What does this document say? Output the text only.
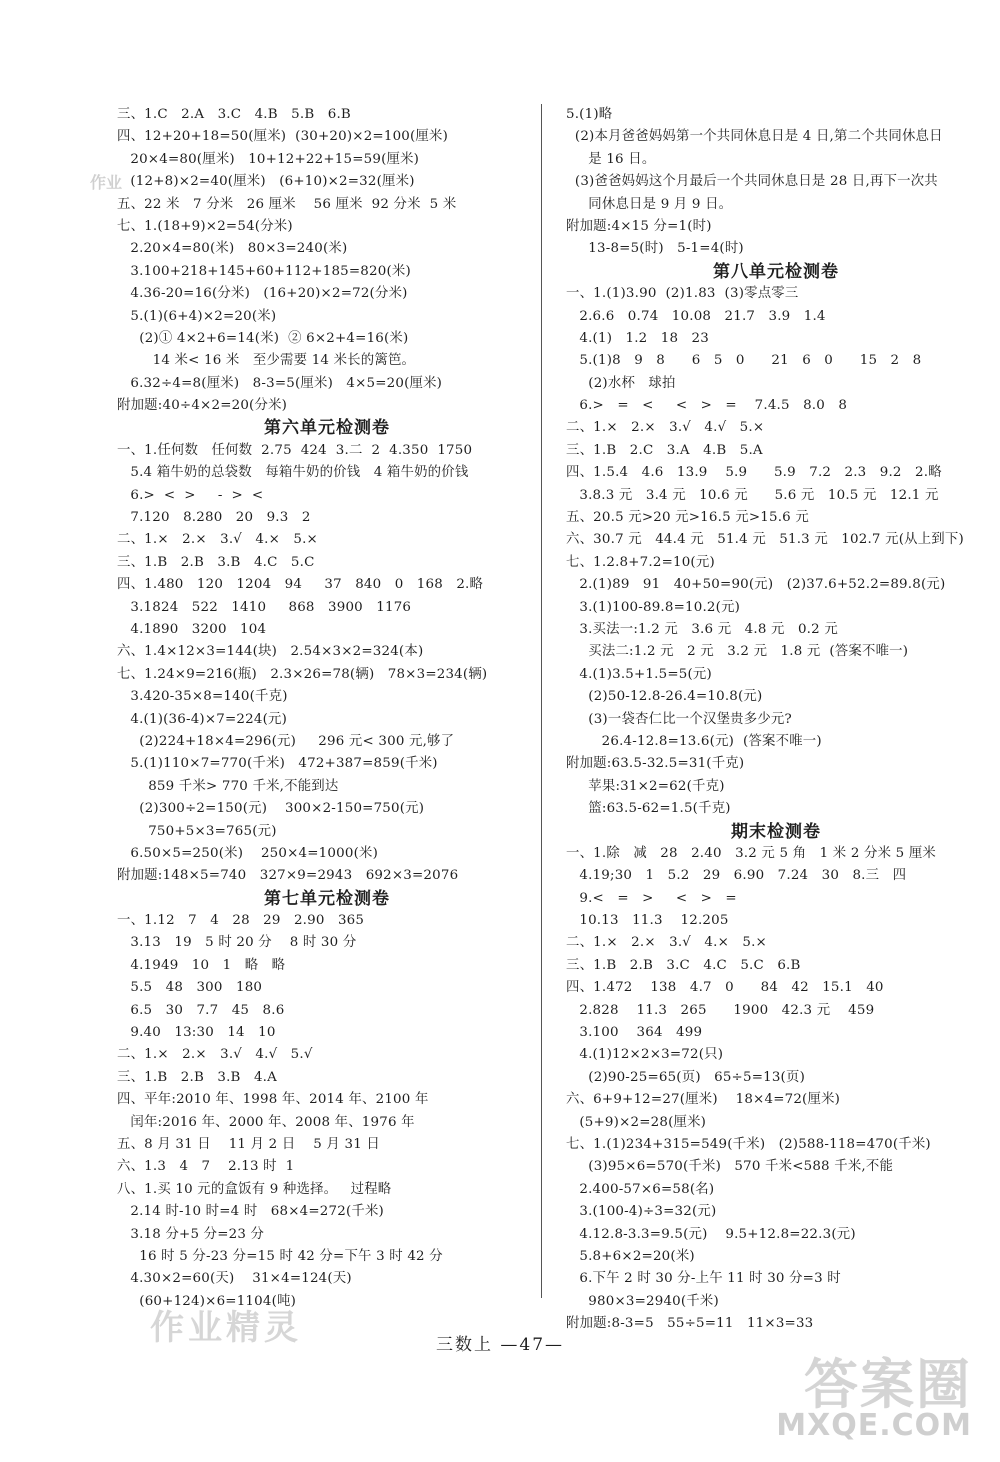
三、1.C   2.A   3.C   4.B   5.B   6.B
四、12+20+18=50(厘米)  (30+20)×2=100(厘米)
20×4=80(厘米)   10+12+22+15=59(厘米)
(12+8)×2=40(厘米)   (6+10)×2=32(厘米)
五、22 米   7 分米   26 厘米    56 厘米  92 分米  5 米
七、1.(18+9)×2=54(分米)
2.20×4=80(米)   80×3=240(米)
3.100+218+145+60+112+185=820(米)
4.36-20=16(分米)   (16+20)×2=72(分米)
5.(1)(6+4)×2=20(米)
(2)① 4×2+6=14(米)  ② 6×2+4=16(米)
14 米< 16 米   至少需要 14 米长的篱笆。
6.32÷4=8(厘米)   8-3=5(厘米)   4×5=20(厘米)
附加题:40÷4×2=20(分米)
第六单元检测卷
一、1.任何数   任何数  2.75  424  3.二  2  4.350  1750
5.4 箱牛奶的总袋数   每箱牛奶的价钱   4 箱牛奶的价钱
6.>  <  >     -  >  <
7.120   8.280   20   9.3   2
二、1.×   2.×   3.√   4.×   5.×
三、1.B   2.B   3.B   4.C   5.C
四、1.480   120   1204   94     37   840   0   168   2.略
3.1824   522   1410     868   3900   1176
4.1890   3200   104
六、1.4×12×3=144(块)   2.54×3×2=324(本)
七、1.24×9=216(瓶)   2.3×26=78(辆)   78×3=234(辆)
3.420-35×8=140(千克)
4.(1)(36-4)×7=224(元)
(2)224+18×4=296(元)     296 元< 300 元,够了
5.(1)110×7=770(千米)   472+387=859(千米)
859 千米> 770 千米,不能到达
(2)300÷2=150(元)    300×2-150=750(元)
750+5×3=765(元)
6.50×5=250(米)    250×4=1000(米)
附加题:148×5=740   327×9=2943   692×3=2076
第七单元检测卷
一、1.12   7   4   28   29   2.90   365
3.13   19   5 时 20 分    8 时 30 分
4.1949   10   1   略   略
5.5   48   300   180
6.5   30   7.7   45   8.6
9.40   13:30   14   10
二、1.×   2.×   3.√   4.√   5.√
三、1.B   2.B   3.B   4.A
四、平年:2010 年、1998 年、2014 年、2100 年
闰年:2016 年、2000 年、2008 年、1976 年
五、8 月 31 日    11 月 2 日    5 月 31 日
六、1.3   4   7    2.13 时  1
八、1.买 10 元的盒饭有 9 种选择。   过程略
2.14 时-10 时=4 时   68×4=272(千米)
3.18 分+5 分=23 分
16 时 5 分-23 分=15 时 42 分=下午 3 时 42 分
4.30×2=60(天)    31×4=124(天)
(60+124)×6=1104(吨)
5.(1)略
(2)本月爸爸妈妈第一个共同休息日是 4 日,第二个共同休息日
是 16 日。
(3)爸爸妈妈这个月最后一个共同休息日是 28 日,再下一次共
同休息日是 9 月 9 日。
附加题:4×15 分=1(时)
13-8=5(时)   5-1=4(时)
第八单元检测卷
一、1.(1)3.90  (2)1.83  (3)零点零三
2.6.6   0.74   10.08   21.7   3.9   1.4
4.(1)   1.2   18   23
5.(1)8   9   8      6   5   0      21   6   0      15   2   8
(2)水杯   球拍
6.>   =   <     <   >   =    7.4.5   8.0   8
二、1.×   2.×   3.√   4.√   5.×
三、1.B   2.C   3.A   4.B   5.A
四、1.5.4   4.6   13.9    5.9      5.9   7.2   2.3   9.2   2.略
3.8.3 元   3.4 元   10.6 元      5.6 元   10.5 元   12.1 元
五、20.5 元>20 元>16.5 元>15.6 元
六、30.7 元   44.4 元   51.4 元   51.3 元   102.7 元(从上到下)
七、1.2.8+7.2=10(元)
2.(1)89   91   40+50=90(元)   (2)37.6+52.2=89.8(元)
3.(1)100-89.8=10.2(元)
3.买法一:1.2 元   3.6 元   4.8 元   0.2 元
买法二:1.2 元   2 元   3.2 元   1.8 元  (答案不唯一)
4.(1)3.5+1.5=5(元)
(2)50-12.8-26.4=10.8(元)
(3)一袋杏仁比一个汉堡贵多少元?
26.4-12.8=13.6(元)  (答案不唯一)
附加题:63.5-32.5=31(千克)
苹果:31×2=62(千克)
篮:63.5-62=1.5(千克)
期末检测卷
一、1.除   减   28   2.40   3.2 元 5 角   1 米 2 分米 5 厘米
4.19;30   1   5.2   29   6.90   7.24   30   8.三   四
9.<   =   >     <   >   =
10.13   11.3    12.205
二、1.×   2.×   3.√   4.×   5.×
三、1.B   2.B   3.C   4.C   5.C   6.B
四、1.472    138   4.7   0      84   42   15.1   40
2.828    11.3   265      1900   42.3 元    459
3.100    364   499
4.(1)12×2×3=72(只)
(2)90-25=65(页)   65÷5=13(页)
六、6+9+12=27(厘米)    18×4=72(厘米)
(5+9)×2=28(厘米)
七、1.(1)234+315=549(千米)   (2)588-118=470(千米)
(3)95×6=570(千米)   570 千米<588 千米,不能
2.400-57×6=58(名)
3.(100-4)÷3=32(元)
4.12.8-3.3=9.5(元)    9.5+12.8=22.3(元)
5.8+6×2=20(米)
6.下午 2 时 30 分-上午 11 时 30 分=3 时
980×3=2940(千米)
附加题:8-3=5   55÷5=11   11×3=33
三数上 —47—
作业
作业精灵
答案圈
MXQE.COM
